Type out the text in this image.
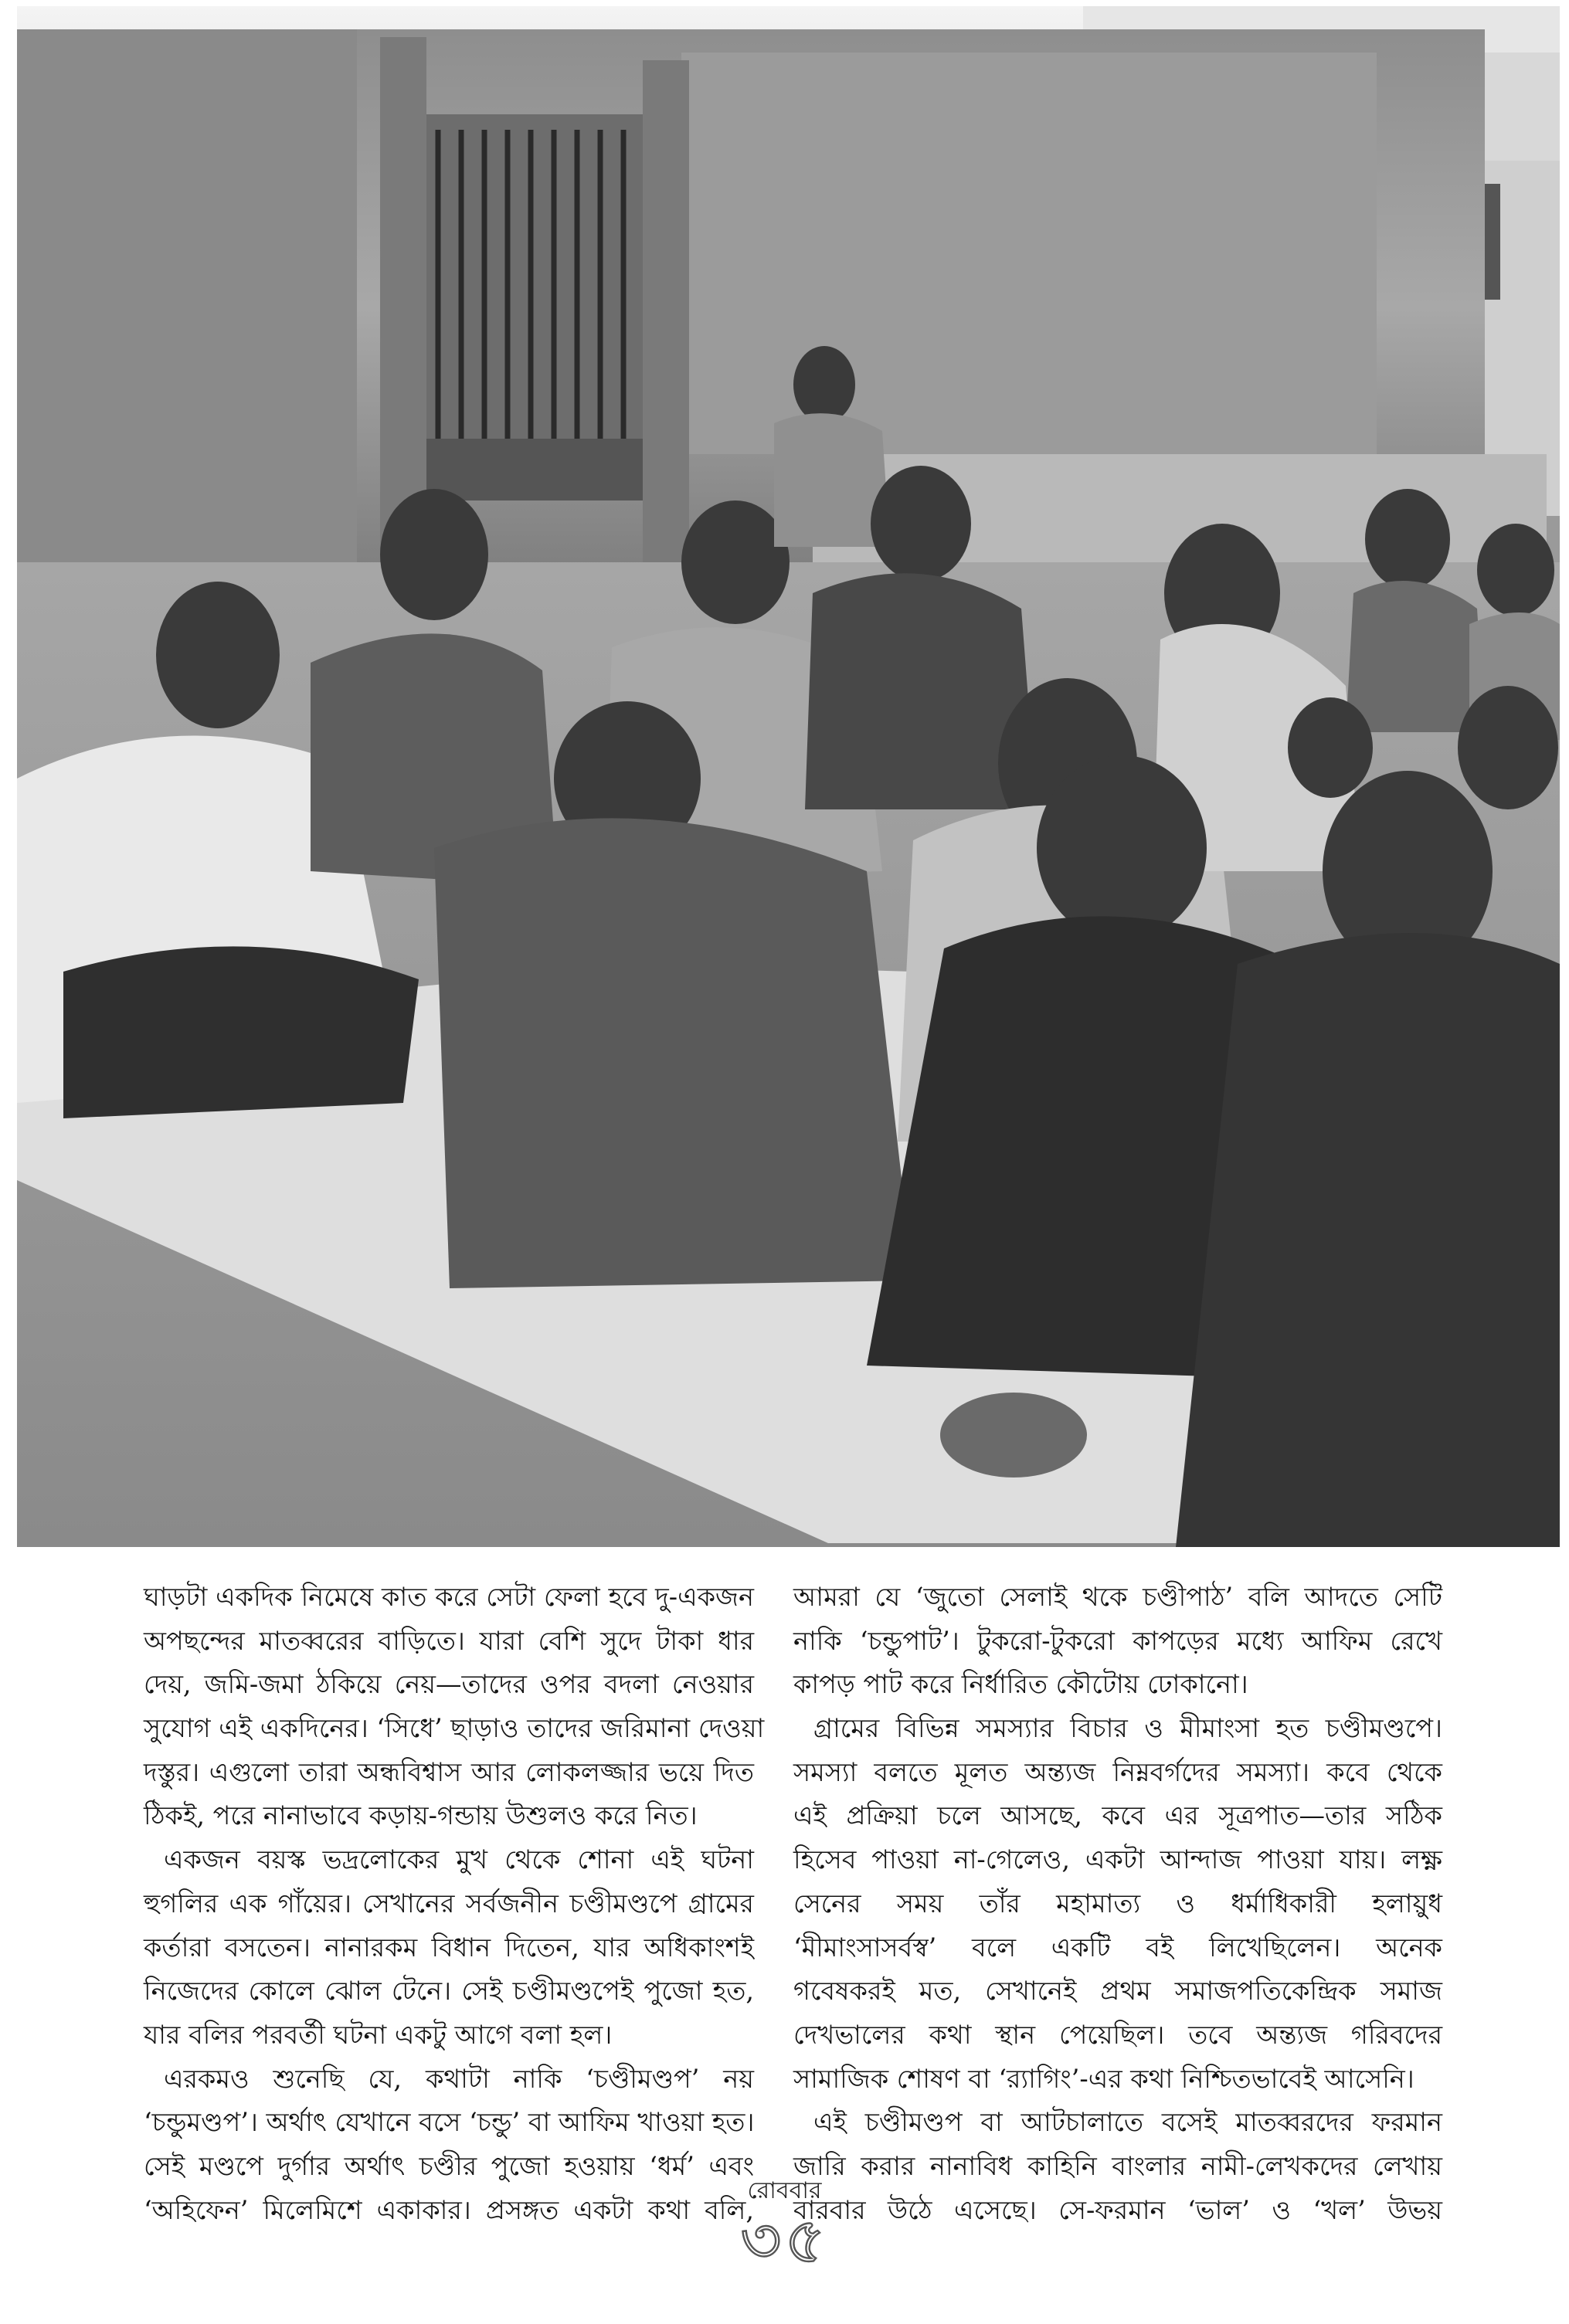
ঘাড়টা একদিক নিমেষে কাত করে সেটা ফেলা হবে দু-একজন
অপছন্দের মাতব্বরের বাড়িতে। যারা বেশি সুদে টাকা ধার
দেয়, জমি-জমা ঠকিয়ে নেয়—তাদের ওপর বদলা নেওয়ার
সুযোগ এই একদিনের। ‘সিধে’ ছাড়াও তাদের জরিমানা দেওয়া
দস্তুর। এগুলো তারা অন্ধবিশ্বাস আর লোকলজ্জার ভয়ে দিত
ঠিকই, পরে নানাভাবে কড়ায়-গন্ডায় উশুলও করে নিত।
একজন বয়স্ক ভদ্রলোকের মুখ থেকে শোনা এই ঘটনা
হুগলির এক গাঁয়ের। সেখানের সর্বজনীন চণ্ডীমণ্ডপে গ্রামের
কর্তারা বসতেন। নানারকম বিধান দিতেন, যার অধিকাংশই
নিজেদের কোলে ঝোল টেনে। সেই চণ্ডীমণ্ডপেই পুজো হত,
যার বলির পরবর্তী ঘটনা একটু আগে বলা হল।
এরকমও শুনেছি যে, কথাটা নাকি ‘চণ্ডীমণ্ডপ’ নয়
‘চন্ডুমণ্ডপ’। অর্থাৎ যেখানে বসে ‘চন্ডু’ বা আফিম খাওয়া হত।
সেই মণ্ডপে দুর্গার অর্থাৎ চণ্ডীর পুজো হওয়ায় ‘ধর্ম’ এবং
‘অহিফেন’ মিলেমিশে একাকার। প্রসঙ্গত একটা কথা বলি,
আমরা যে ‘জুতো সেলাই থকে চণ্ডীপাঠ’ বলি আদতে সেটি
নাকি ‘চন্ডুপাট’। টুকরো-টুকরো কাপড়ের মধ্যে আফিম রেখে
কাপড় পাট করে নির্ধারিত কৌটোয় ঢোকানো।
গ্রামের বিভিন্ন সমস্যার বিচার ও মীমাংসা হত চণ্ডীমণ্ডপে।
সমস্যা বলতে মূলত অন্ত্যজ নিম্নবর্গদের সমস্যা। কবে থেকে
এই প্রক্রিয়া চলে আসছে, কবে এর সূত্রপাত—তার সঠিক
হিসেব পাওয়া না-গেলেও, একটা আন্দাজ পাওয়া যায়। লক্ষ্ণ
সেনের সময় তাঁর মহামাত্য ও ধর্মাধিকারী হলায়ুধ
‘মীমাংসাসর্বস্ব’ বলে একটি বই লিখেছিলেন। অনেক
গবেষকরই মত, সেখানেই প্রথম সমাজপতিকেন্দ্রিক সমাজ
দেখভালের কথা স্থান পেয়েছিল। তবে অন্ত্যজ গরিবদের
সামাজিক শোষণ বা ‘র‍্যাগিং’-এর কথা নিশ্চিতভাবেই আসেনি।
এই চণ্ডীমণ্ডপ বা আটচালাতে বসেই মাতব্বরদের ফরমান
জারি করার নানাবিধ কাহিনি বাংলার নামী-লেখকদের লেখায়
বারবার উঠে এসেছে। সে-ফরমান ‘ভাল’ ও ‘খল’ উভয়
রোববার
৩৫
